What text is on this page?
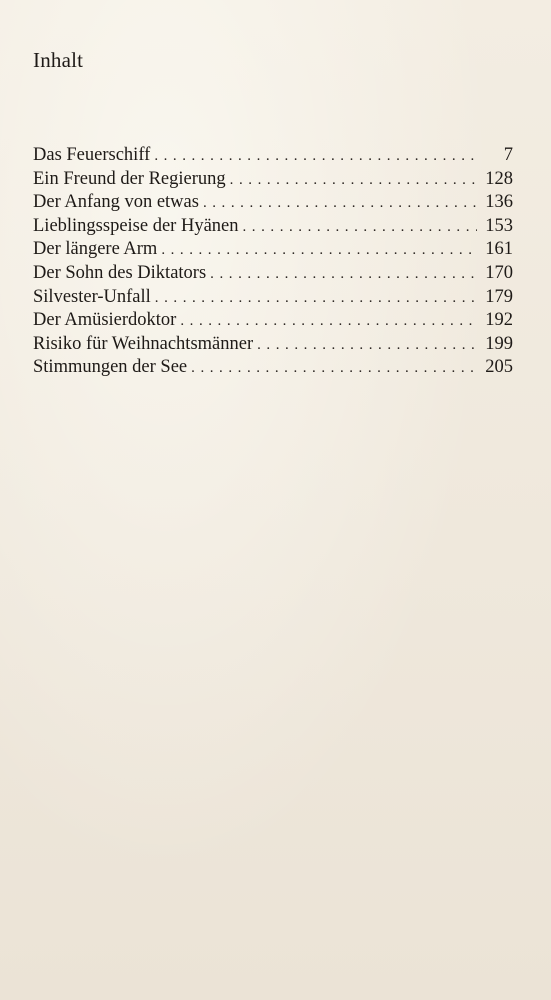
Inhalt
Das Feuerschiff . . .	7
Ein Freund der Regierung . . .	128
Der Anfang von etwas . . .	136
Lieblingsspeise der Hyänen . . .	153
Der längere Arm . . .	161
Der Sohn des Diktators . . .	170
Silvester-Unfall . . .	179
Der Amüsierdoktor . . .	192
Risiko für Weihnachtsmänner . . .	199
Stimmungen der See . . .	205
